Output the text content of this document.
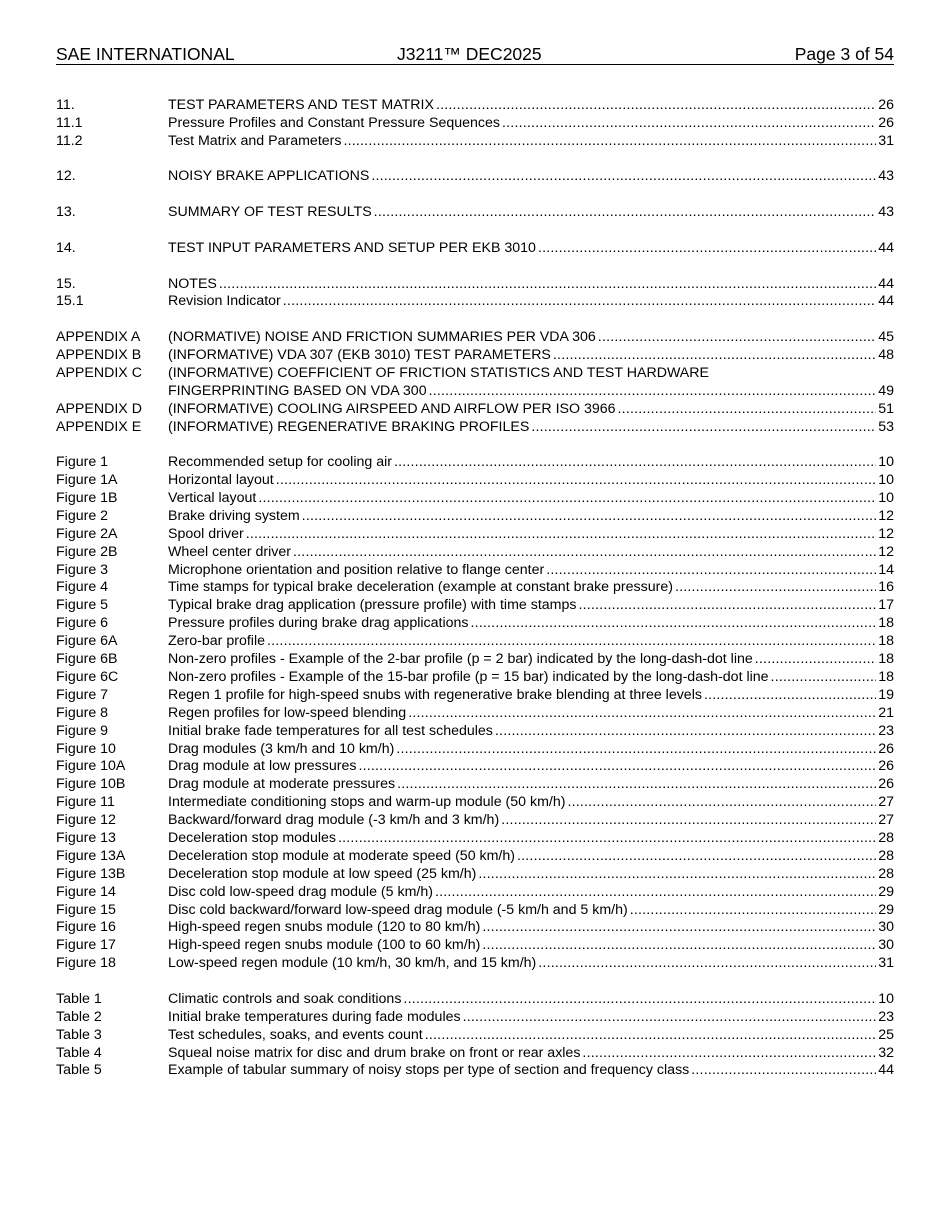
SAE INTERNATIONAL	J3211™ DEC2025	Page 3 of 54
11.	TEST PARAMETERS AND TEST MATRIX .....	26
11.1	Pressure Profiles and Constant Pressure Sequences .....	26
11.2	Test Matrix and Parameters .....	31
12.	NOISY BRAKE APPLICATIONS .....	43
13.	SUMMARY OF TEST RESULTS .....	43
14.	TEST INPUT PARAMETERS AND SETUP PER EKB 3010 .....	44
15.	NOTES .....	44
15.1	Revision Indicator .....	44
APPENDIX A (NORMATIVE) NOISE AND FRICTION SUMMARIES PER VDA 306 .....	45
APPENDIX B (INFORMATIVE) VDA 307 (EKB 3010) TEST PARAMETERS .....	48
APPENDIX C (INFORMATIVE) COEFFICIENT OF FRICTION STATISTICS AND TEST HARDWARE
FINGERPRINTING BASED ON VDA 300 .....	49
APPENDIX D (INFORMATIVE) COOLING AIRSPEED AND AIRFLOW PER ISO 3966 .....	51
APPENDIX E (INFORMATIVE) REGENERATIVE BRAKING PROFILES .....	53
Figure 1	Recommended setup for cooling air .....	10
Figure 1A	Horizontal layout .....	10
Figure 1B	Vertical layout .....	10
Figure 2	Brake driving system .....	12
Figure 2A	Spool driver .....	12
Figure 2B	Wheel center driver .....	12
Figure 3	Microphone orientation and position relative to flange center .....	14
Figure 4	Time stamps for typical brake deceleration (example at constant brake pressure) .....	16
Figure 5	Typical brake drag application (pressure profile) with time stamps .....	17
Figure 6	Pressure profiles during brake drag applications .....	18
Figure 6A	Zero-bar profile .....	18
Figure 6B	Non-zero profiles - Example of the 2-bar profile (p = 2 bar) indicated by the long-dash-dot line .....	18
Figure 6C	Non-zero profiles - Example of the 15-bar profile (p = 15 bar) indicated by the long-dash-dot line .....	18
Figure 7	Regen 1 profile for high-speed snubs with regenerative brake blending at three levels .....	19
Figure 8	Regen profiles for low-speed blending .....	21
Figure 9	Initial brake fade temperatures for all test schedules .....	23
Figure 10	Drag modules (3 km/h and 10 km/h) .....	26
Figure 10A	Drag module at low pressures .....	26
Figure 10B	Drag module at moderate pressures .....	26
Figure 11	Intermediate conditioning stops and warm-up module (50 km/h) .....	27
Figure 12	Backward/forward drag module (-3 km/h and 3 km/h) .....	27
Figure 13	Deceleration stop modules .....	28
Figure 13A	Deceleration stop module at moderate speed (50 km/h) .....	28
Figure 13B	Deceleration stop module at low speed (25 km/h) .....	28
Figure 14	Disc cold low-speed drag module (5 km/h) .....	29
Figure 15	Disc cold backward/forward low-speed drag module (-5 km/h and 5 km/h) .....	29
Figure 16	High-speed regen snubs module (120 to 80 km/h) .....	30
Figure 17	High-speed regen snubs module (100 to 60 km/h) .....	30
Figure 18	Low-speed regen module (10 km/h, 30 km/h, and 15 km/h) .....	31
Table 1	Climatic controls and soak conditions .....	10
Table 2	Initial brake temperatures during fade modules .....	23
Table 3	Test schedules, soaks, and events count .....	25
Table 4	Squeal noise matrix for disc and drum brake on front or rear axles .....	32
Table 5	Example of tabular summary of noisy stops per type of section and frequency class .....	44
